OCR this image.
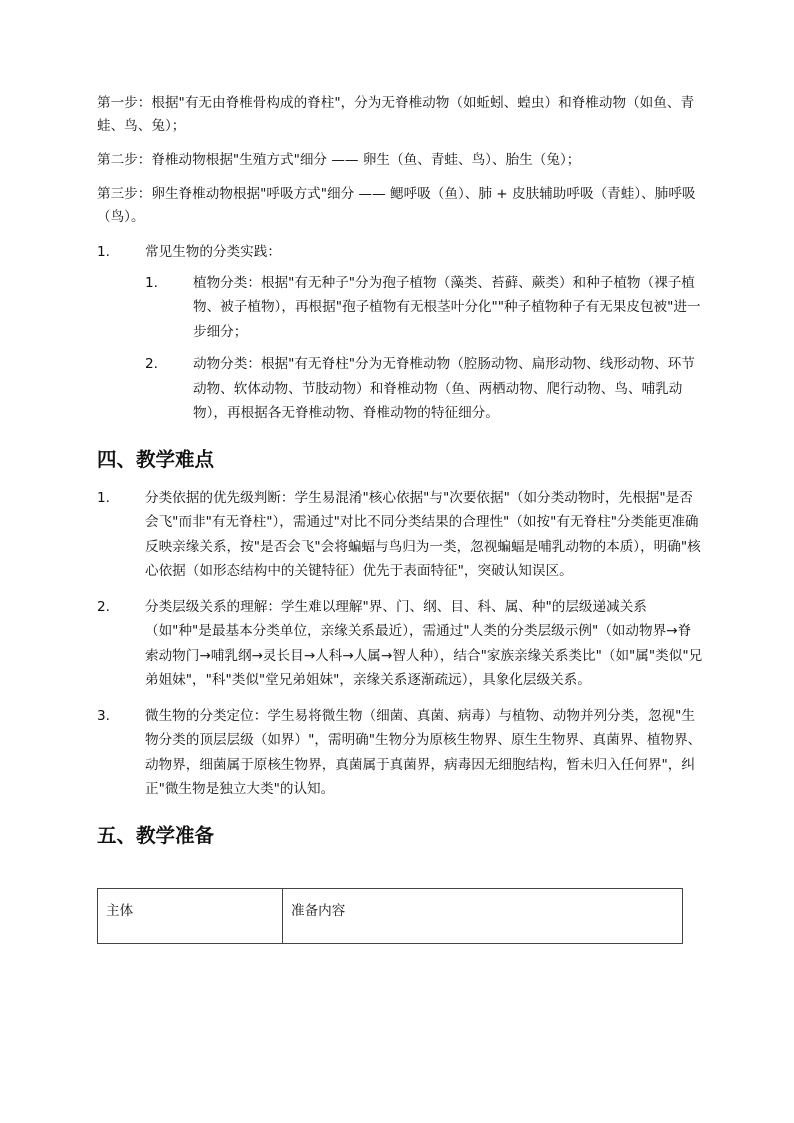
第一步：根据"有无由脊椎骨构成的脊柱"，分为无脊椎动物（如蚯蚓、蝗虫）和脊椎动物（如鱼、青蛙、鸟、兔）；

第二步：脊椎动物根据"生殖方式"细分 —— 卵生（鱼、青蛙、鸟）、胎生（兔）；

第三步：卵生脊椎动物根据"呼吸方式"细分 —— 鳃呼吸（鱼）、肺 + 皮肤辅助呼吸（青蛙）、肺呼吸（鸟）。

1.	常见生物的分类实践：
1.	植物分类：根据"有无种子"分为孢子植物（藻类、苔藓、蕨类）和种子植物（裸子植物、被子植物），再根据"孢子植物有无根茎叶分化""种子植物种子有无果皮包被"进一步细分；
2.	动物分类：根据"有无脊柱"分为无脊椎动物（腔肠动物、扁形动物、线形动物、环节动物、软体动物、节肢动物）和脊椎动物（鱼、两栖动物、爬行动物、鸟、哺乳动物），再根据各无脊椎动物、脊椎动物的特征细分。
四、教学难点
1.	分类依据的优先级判断：学生易混淆"核心依据"与"次要依据"（如分类动物时，先根据"是否会飞"而非"有无脊柱"），需通过"对比不同分类结果的合理性"（如按"有无脊柱"分类能更准确反映亲缘关系，按"是否会飞"会将蝙蝠与鸟归为一类，忽视蝙蝠是哺乳动物的本质），明确"核心依据（如形态结构中的关键特征）优先于表面特征"，突破认知误区。
2.	分类层级关系的理解：学生难以理解"界、门、纲、目、科、属、种"的层级递减关系（如"种"是最基本分类单位，亲缘关系最近），需通过"人类的分类层级示例"（如动物界→脊索动物门→哺乳纲→灵长目→人科→人属→智人种），结合"家族亲缘关系类比"（如"属"类似"兄弟姐妹"，"科"类似"堂兄弟姐妹"，亲缘关系逐渐疏远），具象化层级关系。
3.	微生物的分类定位：学生易将微生物（细菌、真菌、病毒）与植物、动物并列分类，忽视"生物分类的顶层层级（如界）"，需明确"生物分为原核生物界、原生生物界、真菌界、植物界、动物界，细菌属于原核生物界，真菌属于真菌界，病毒因无细胞结构，暂未归入任何界"，纠正"微生物是独立大类"的认知。
五、教学准备
主体	准备内容
